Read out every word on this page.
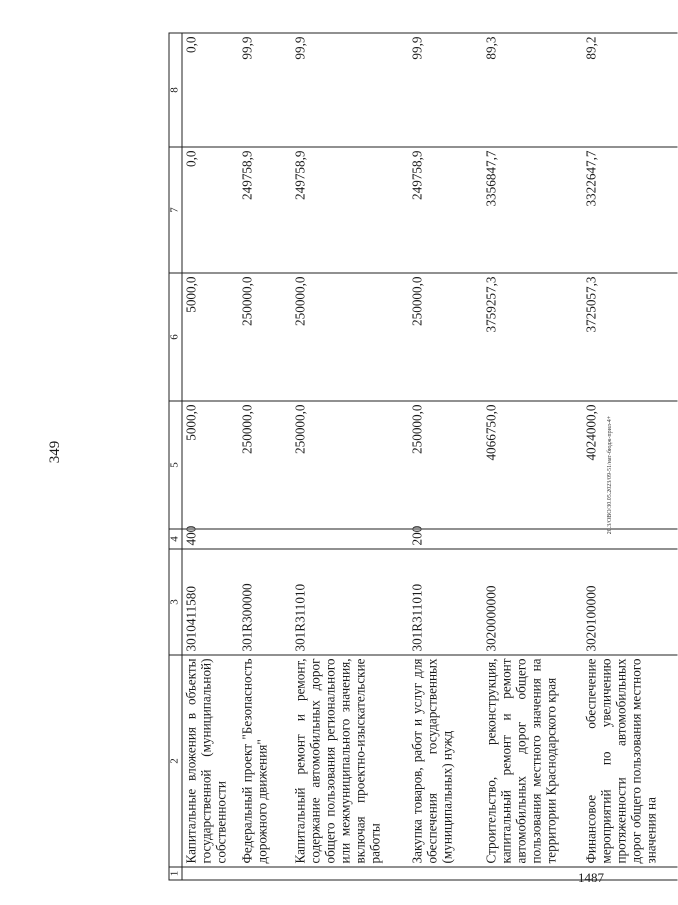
349
1487
20.3/ОВО/30.05.2023/09-51/нат-бюдж-прил-4+
1	2	3	4	5	6	7	8
	Капитальные вложения в объекты государственной (муниципальной) собственности	3010411580	400	5000,0	5000,0	0,0	0,0
	Федеральный проект "Безопасность дорожного движения"	301R300000		250000,0	250000,0	249758,9	99,9
	Капитальный ремонт и ремонт, содержание автомобильных дорог общего пользования регионального или межмуниципального значения, включая проектно-изыскательские работы	301R311010		250000,0	250000,0	249758,9	99,9
	Закупка товаров, работ и услуг для обеспечения государственных (муниципальных) нужд	301R311010	200	250000,0	250000,0	249758,9	99,9
	Строительство, реконструкция, капитальный ремонт и ремонт автомобильных дорог общего пользования местного значения на территории Краснодарского края	3020000000		4066750,0	3759257,3	3356847,7	89,3
	Финансовое обеспечение мероприятий по увеличению протяженности автомобильных дорог общего пользования местного значения на	3020100000		4024000,0	3725057,3	3322647,7	89,2
